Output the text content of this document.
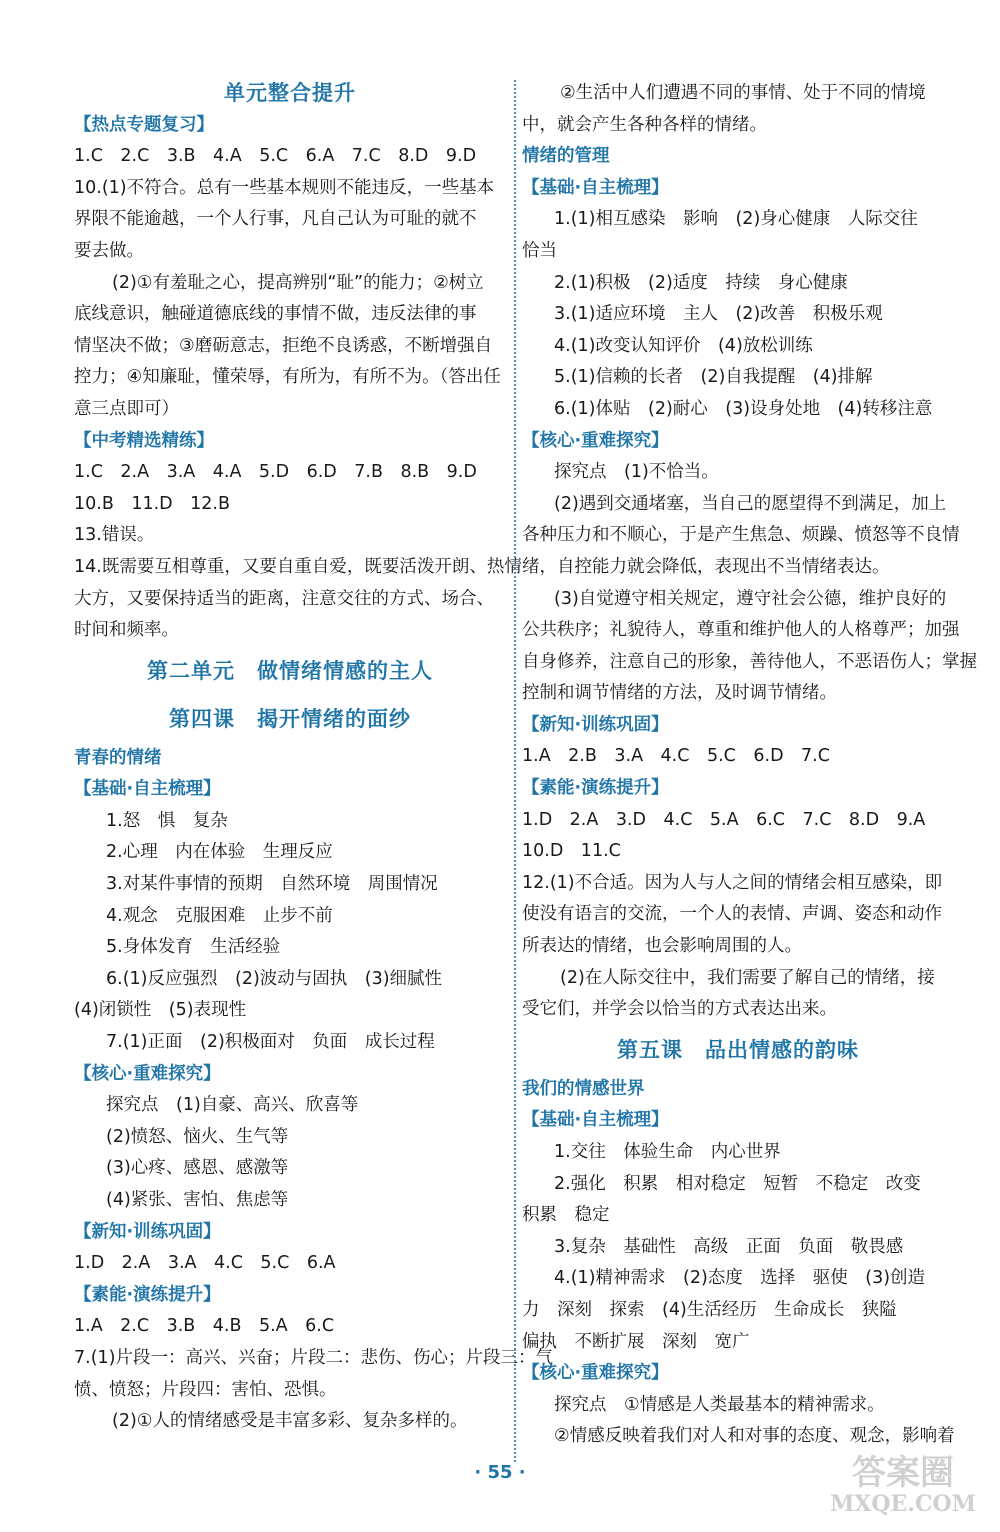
单元整合提升
【热点专题复习】
1.C　2.C　3.B　4.A　5.C　6.A　7.C　8.D　9.D
10.(1)不符合。总有一些基本规则不能违反，一些基本
界限不能逾越，一个人行事，凡自己认为可耻的就不
要去做。
(2)①有羞耻之心，提高辨别“耻”的能力；②树立
底线意识，触碰道德底线的事情不做，违反法律的事
情坚决不做；③磨砺意志，拒绝不良诱惑，不断增强自
控力；④知廉耻，懂荣辱，有所为，有所不为。（答出任
意三点即可）
【中考精选精练】
1.C　2.A　3.A　4.A　5.D　6.D　7.B　8.B　9.D
10.B　11.D　12.B
13.错误。
14.既需要互相尊重，又要自重自爱，既要活泼开朗、热情
大方，又要保持适当的距离，注意交往的方式、场合、
时间和频率。
第二单元　做情绪情感的主人
第四课　揭开情绪的面纱
青春的情绪
【基础·自主梳理】
1.怒　惧　复杂
2.心理　内在体验　生理反应
3.对某件事情的预期　自然环境　周围情况
4.观念　克服困难　止步不前
5.身体发育　生活经验
6.(1)反应强烈　(2)波动与固执　(3)细腻性
(4)闭锁性　(5)表现性
7.(1)正面　(2)积极面对　负面　成长过程
【核心·重难探究】
探究点　(1)自豪、高兴、欣喜等
(2)愤怒、恼火、生气等
(3)心疼、感恩、感激等
(4)紧张、害怕、焦虑等
【新知·训练巩固】
1.D　2.A　3.A　4.C　5.C　6.A
【素能·演练提升】
1.A　2.C　3.B　4.B　5.A　6.C
7.(1)片段一：高兴、兴奋；片段二：悲伤、伤心；片段三：气
愤、愤怒；片段四：害怕、恐惧。
(2)①人的情绪感受是丰富多彩、复杂多样的。
②生活中人们遭遇不同的事情、处于不同的情境
中，就会产生各种各样的情绪。
情绪的管理
【基础·自主梳理】
1.(1)相互感染　影响　(2)身心健康　人际交往
恰当
2.(1)积极　(2)适度　持续　身心健康
3.(1)适应环境　主人　(2)改善　积极乐观
4.(1)改变认知评价　(4)放松训练
5.(1)信赖的长者　(2)自我提醒　(4)排解
6.(1)体贴　(2)耐心　(3)设身处地　(4)转移注意
【核心·重难探究】
探究点　(1)不恰当。
(2)遇到交通堵塞，当自己的愿望得不到满足，加上
各种压力和不顺心，于是产生焦急、烦躁、愤怒等不良情
绪，自控能力就会降低，表现出不当情绪表达。
(3)自觉遵守相关规定，遵守社会公德，维护良好的
公共秩序；礼貌待人，尊重和维护他人的人格尊严；加强
自身修养，注意自己的形象，善待他人，不恶语伤人；掌握
控制和调节情绪的方法，及时调节情绪。
【新知·训练巩固】
1.A　2.B　3.A　4.C　5.C　6.D　7.C
【素能·演练提升】
1.D　2.A　3.D　4.C　5.A　6.C　7.C　8.D　9.A
10.D　11.C
12.(1)不合适。因为人与人之间的情绪会相互感染，即
使没有语言的交流，一个人的表情、声调、姿态和动作
所表达的情绪，也会影响周围的人。
(2)在人际交往中，我们需要了解自己的情绪，接
受它们，并学会以恰当的方式表达出来。
第五课　品出情感的韵味
我们的情感世界
【基础·自主梳理】
1.交往　体验生命　内心世界
2.强化　积累　相对稳定　短暂　不稳定　改变
积累　稳定
3.复杂　基础性　高级　正面　负面　敬畏感
4.(1)精神需求　(2)态度　选择　驱使　(3)创造
力　深刻　探索　(4)生活经历　生命成长　狭隘
偏执　不断扩展　深刻　宽广
【核心·重难探究】
探究点　①情感是人类最基本的精神需求。
②情感反映着我们对人和对事的态度、观念，影响着
· 55 ·	答案圈
MXQE.COM
